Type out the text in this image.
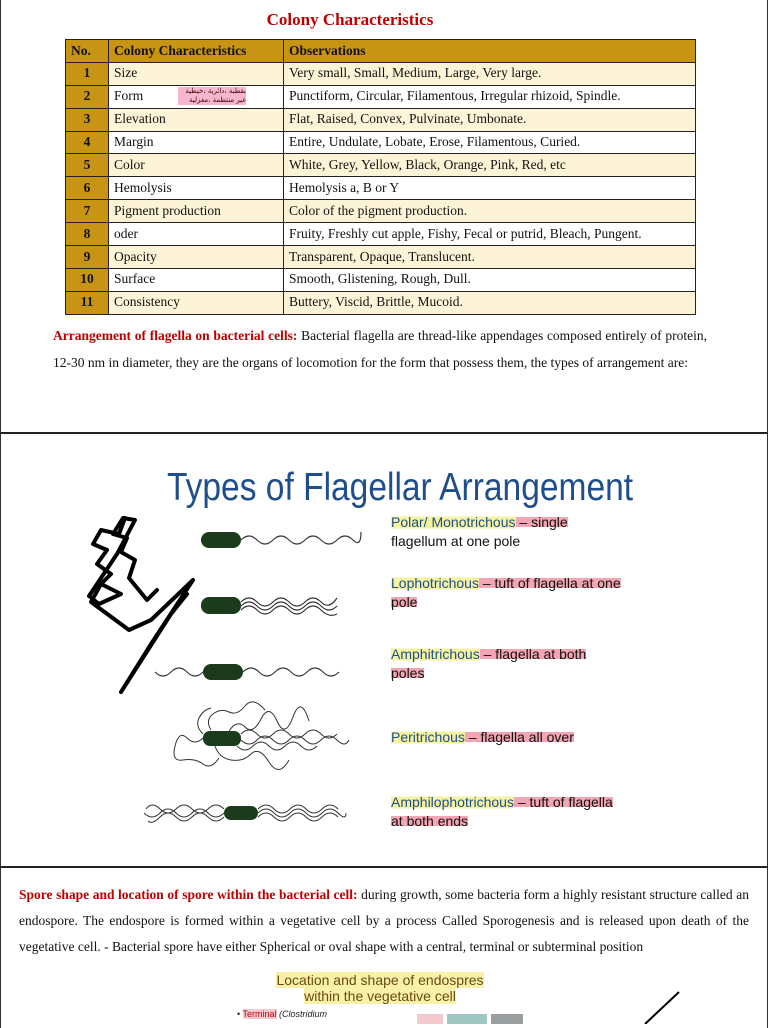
Colony Characteristics
No.	Colony Characteristics	Observations
1	Size	Very small, Small, Medium, Large, Very large.
2	Form بقطية ،دائرية ،خيطية غير منتظمة ،مغزلية	Punctiform, Circular, Filamentous, Irregular rhizoid, Spindle.
3	Elevation	Flat, Raised, Convex, Pulvinate, Umbonate.
4	Margin	Entire, Undulate, Lobate, Erose, Filamentous, Curied.
5	Color	White, Grey, Yellow, Black, Orange, Pink, Red, etc
6	Hemolysis	Hemolysis a, B or Y
7	Pigment production	Color of the pigment production.
8	oder	Fruity, Freshly cut apple, Fishy, Fecal or putrid, Bleach, Pungent.
9	Opacity	Transparent, Opaque, Translucent.
10	Surface	Smooth, Glistening, Rough, Dull.
11	Consistency	Buttery, Viscid, Brittle, Mucoid.

Arrangement of flagella on bacterial cells: Bacterial flagella are thread-like appendages composed entirely of protein, 12-30 nm in diameter, they are the organs of locomotion for the form that possess them, the types of arrangement are:

Types of Flagellar Arrangement
Polar/ Monotrichous – single
flagellum at one pole
Lophotrichous – tuft of flagella at one
pole
Amphitrichous – flagella at both
poles
Peritrichous – flagella all over
Amphilophotrichous – tuft of flagella
at both ends

Spore shape and location of spore within the bacterial cell: during growth, some bacteria form a highly resistant structure called an endospore. The endospore is formed within a vegetative cell by a process Called Sporogenesis and is released upon death of the vegetative cell. - Bacterial spore have either Spherical or oval shape with a central, terminal or subterminal position

Location and shape of endospres
within the vegetative cell
• Terminal (Clostridium
